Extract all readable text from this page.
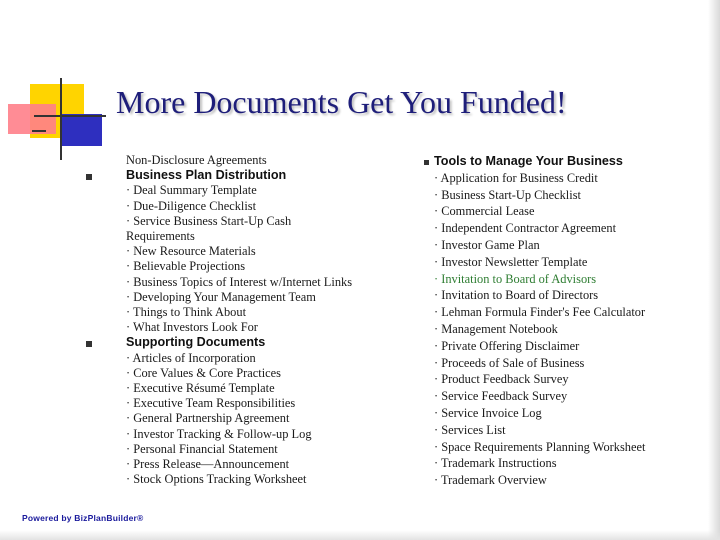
More Documents Get You Funded!
Non-Disclosure Agreements
Business Plan Distribution
· Deal Summary Template
· Due-Diligence Checklist
· Service Business Start-Up Cash
Requirements
· New Resource Materials
· Believable Projections
· Business Topics of Interest w/Internet Links
· Developing Your Management Team
· Things to Think About
· What Investors Look For
Supporting Documents
· Articles of Incorporation
· Core Values & Core Practices
· Executive Résumé Template
· Executive Team Responsibilities
· General Partnership Agreement
· Investor Tracking & Follow-up Log
· Personal Financial Statement
· Press Release—Announcement
· Stock Options Tracking Worksheet
Tools to Manage Your Business
· Application for Business Credit
· Business Start-Up Checklist
· Commercial Lease
· Independent Contractor Agreement
· Investor Game Plan
· Investor Newsletter Template
· Invitation to Board of Advisors
· Invitation to Board of Directors
· Lehman Formula Finder's Fee Calculator
· Management Notebook
· Private Offering Disclaimer
· Proceeds of Sale of Business
· Product Feedback Survey
· Service Feedback Survey
· Service Invoice Log
· Services List
· Space Requirements Planning Worksheet
· Trademark Instructions
· Trademark Overview
Powered by BizPlanBuilder®
